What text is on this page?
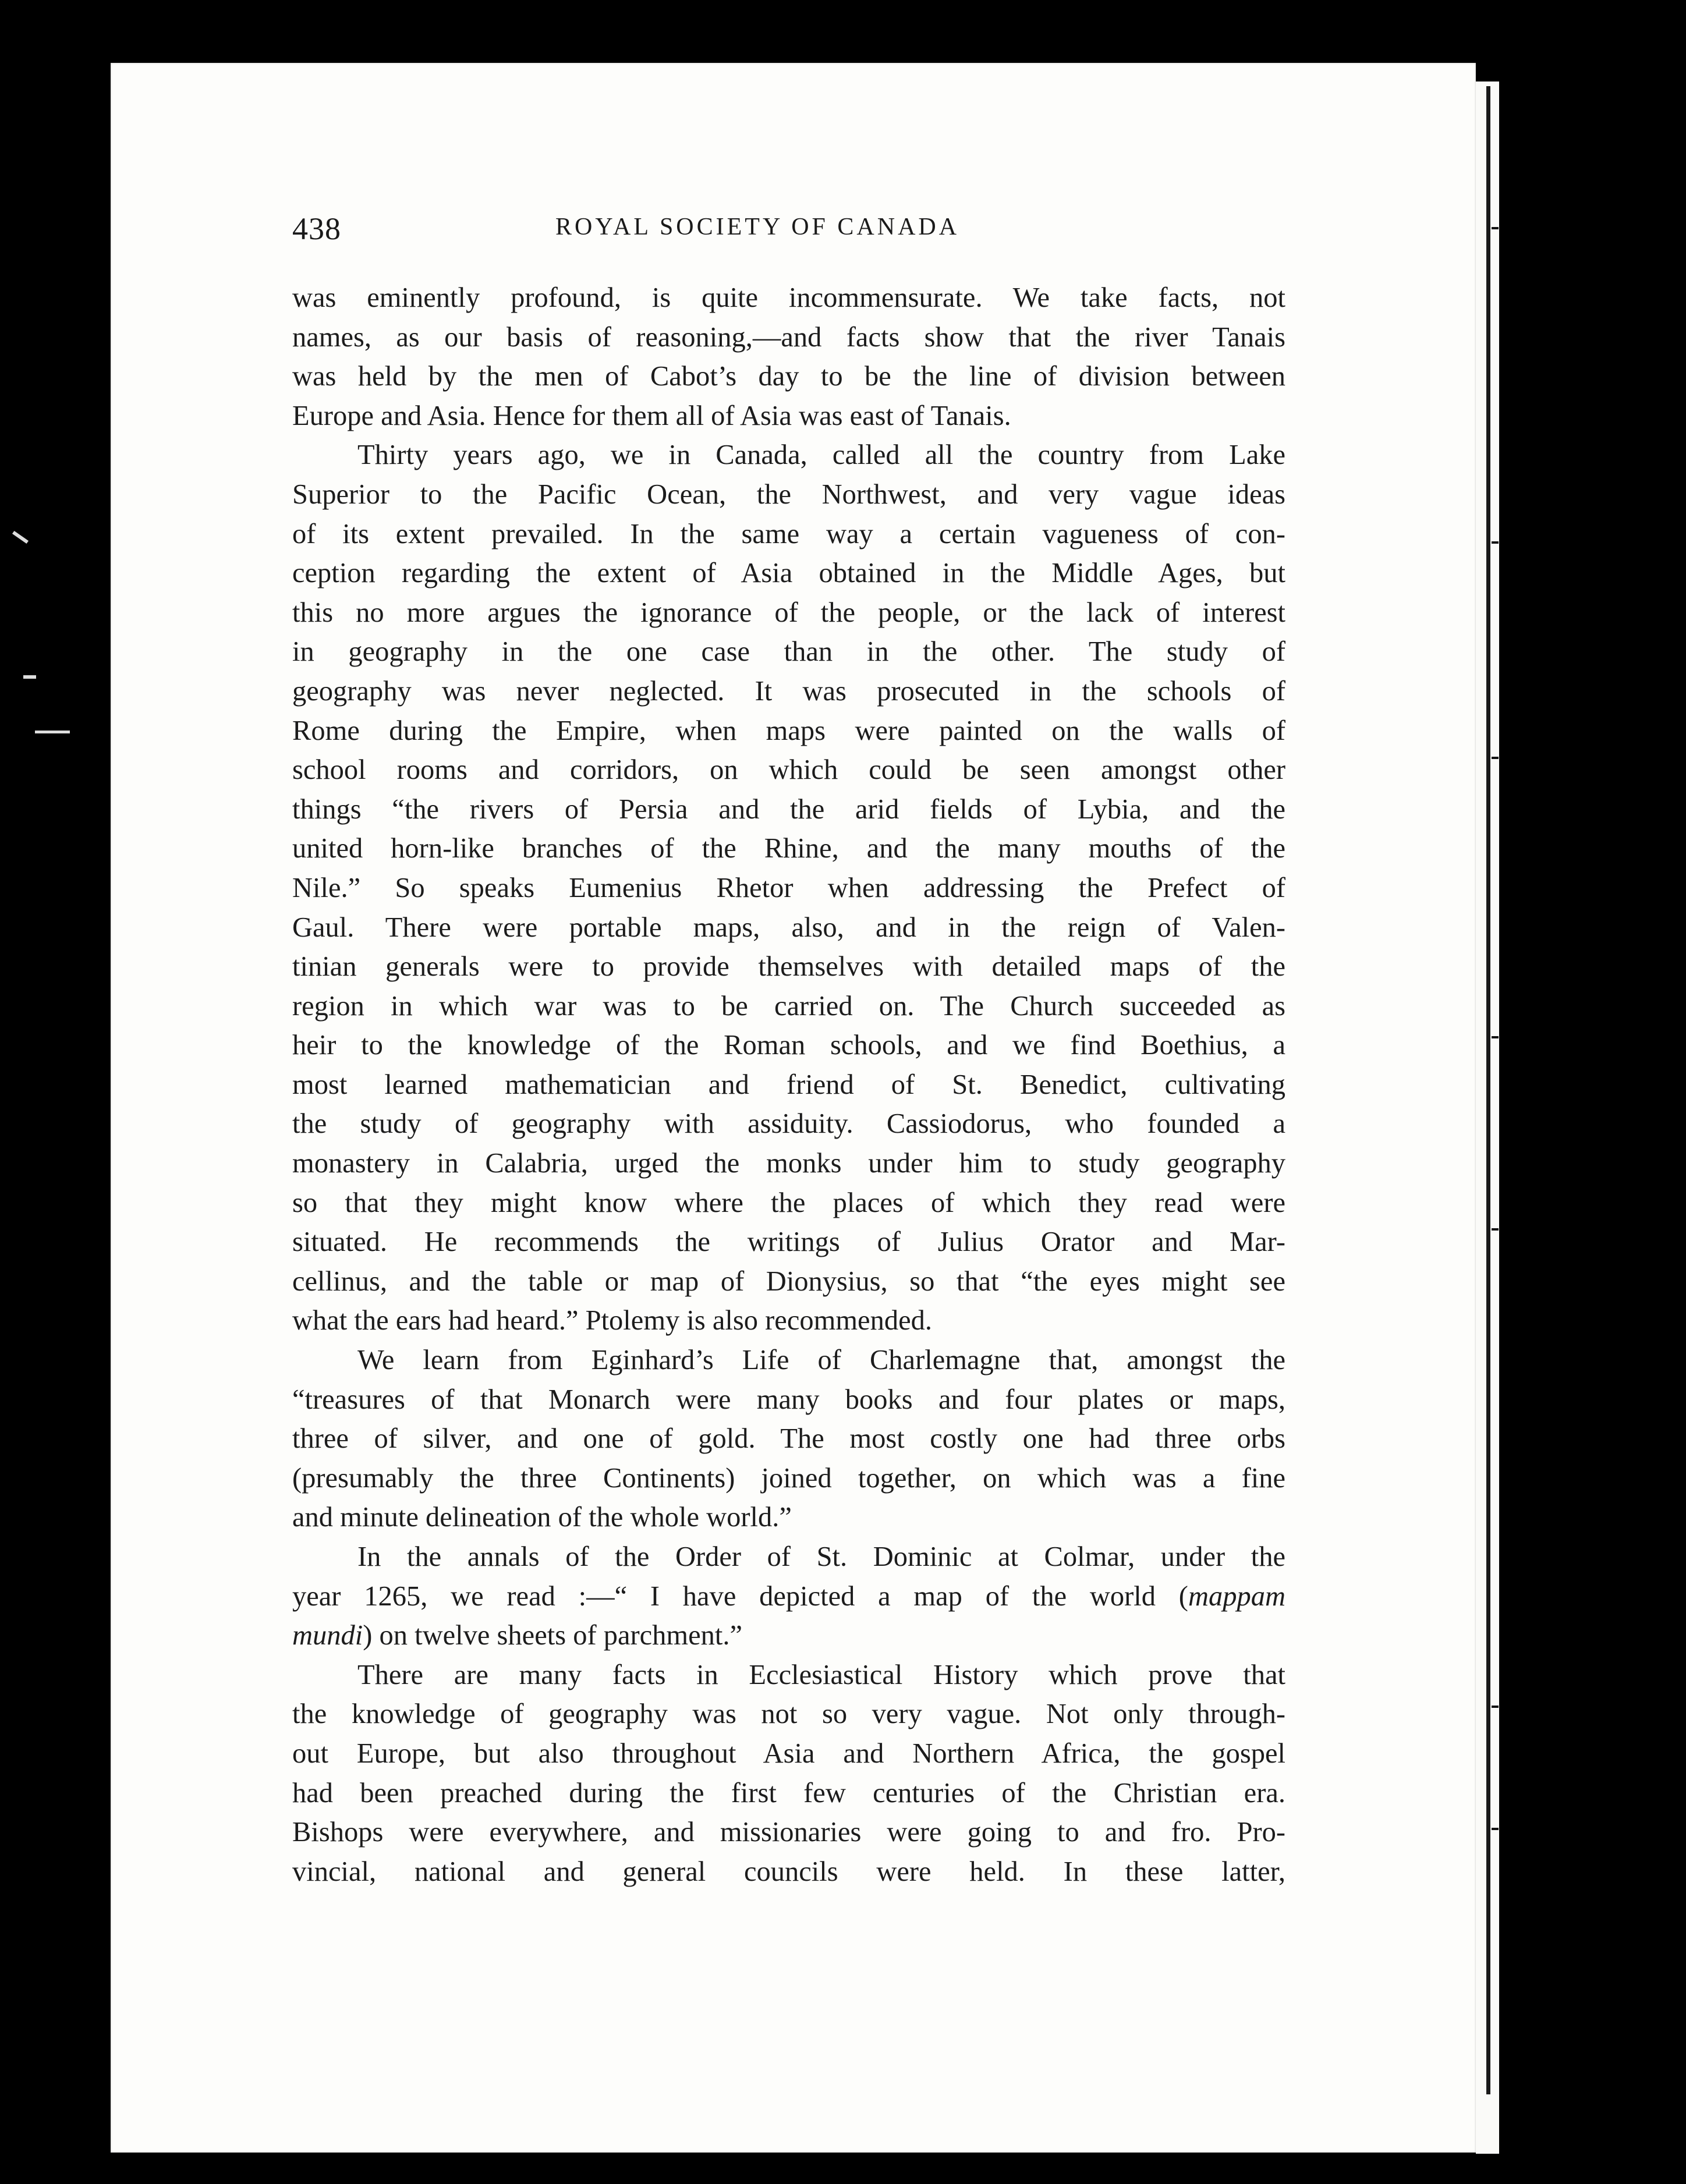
438	ROYAL SOCIETY OF CANADA
was eminently profound, is quite incommensurate. We take facts, not
names, as our basis of reasoning,—and facts show that the river Tanais
was held by the men of Cabot’s day to be the line of division between
Europe and Asia. Hence for them all of Asia was east of Tanais.
Thirty years ago, we in Canada, called all the country from Lake
Superior to the Pacific Ocean, the Northwest, and very vague ideas
of its extent prevailed. In the same way a certain vagueness of con-
ception regarding the extent of Asia obtained in the Middle Ages, but
this no more argues the ignorance of the people, or the lack of interest
in geography in the one case than in the other. The study of
geography was never neglected. It was prosecuted in the schools of
Rome during the Empire, when maps were painted on the walls of
school rooms and corridors, on which could be seen amongst other
things “the rivers of Persia and the arid fields of Lybia, and the
united horn-like branches of the Rhine, and the many mouths of the
Nile.” So speaks Eumenius Rhetor when addressing the Prefect of
Gaul. There were portable maps, also, and in the reign of Valen-
tinian generals were to provide themselves with detailed maps of the
region in which war was to be carried on. The Church succeeded as
heir to the knowledge of the Roman schools, and we find Boethius, a
most learned mathematician and friend of St. Benedict, cultivating
the study of geography with assiduity. Cassiodorus, who founded a
monastery in Calabria, urged the monks under him to study geography
so that they might know where the places of which they read were
situated. He recommends the writings of Julius Orator and Mar-
cellinus, and the table or map of Dionysius, so that “the eyes might see
what the ears had heard.” Ptolemy is also recommended.
We learn from Eginhard’s Life of Charlemagne that, amongst the
“treasures of that Monarch were many books and four plates or maps,
three of silver, and one of gold. The most costly one had three orbs
(presumably the three Continents) joined together, on which was a fine
and minute delineation of the whole world.”
In the annals of the Order of St. Dominic at Colmar, under the
year 1265, we read :—“ I have depicted a map of the world (mappam
mundi) on twelve sheets of parchment.”
There are many facts in Ecclesiastical History which prove that
the knowledge of geography was not so very vague. Not only through-
out Europe, but also throughout Asia and Northern Africa, the gospel
had been preached during the first few centuries of the Christian era.
Bishops were everywhere, and missionaries were going to and fro. Pro-
vincial, national and general councils were held. In these latter,
